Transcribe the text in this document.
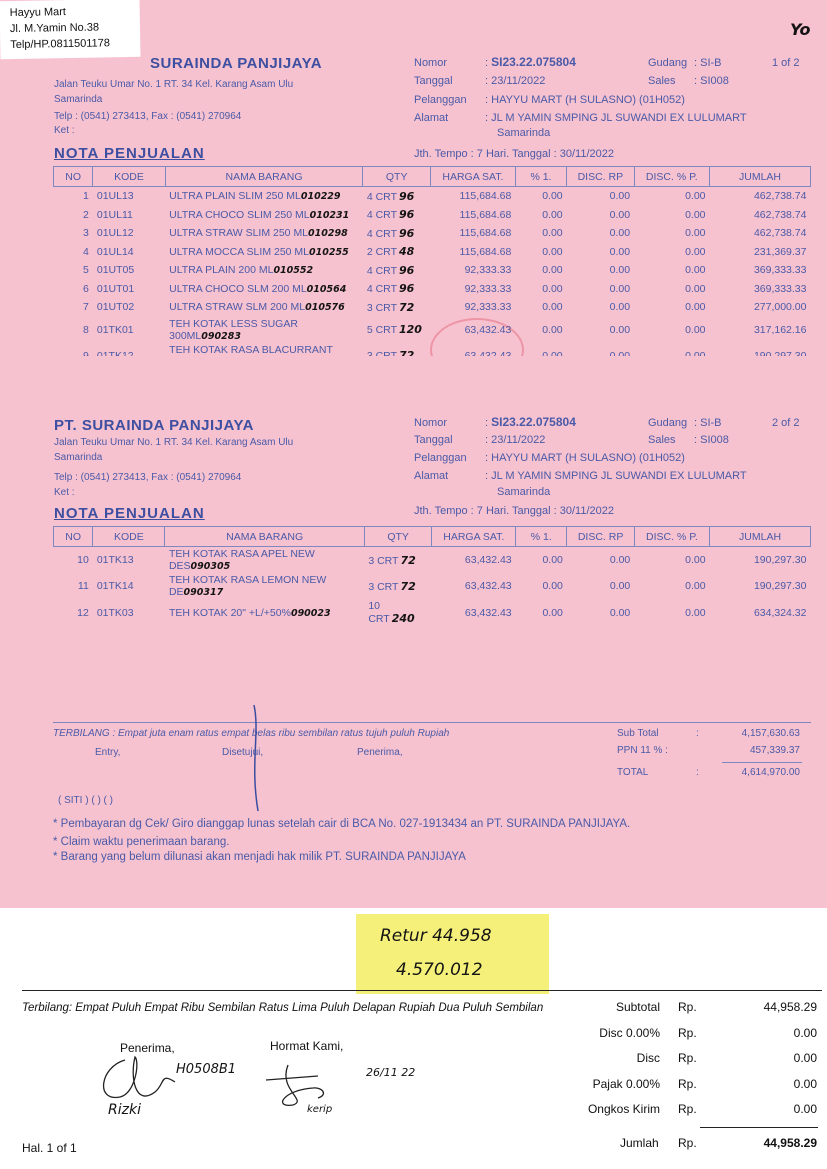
Hayyu Mart
Jl. M.Yamin No.38
Telp/HP.0811501178
Yo
SURAINDA PANJIJAYA
Jalan Teuku Umar No. 1 RT. 34 Kel. Karang Asam Ulu
Samarinda
Telp : (0541) 273413, Fax : (0541) 270964
Ket :
NOTA PENJUALAN
Nomor	: SI23.22.075804
Tanggal	: 23/11/2022
Pelanggan : HAYYU MART (H SULASNO) (01H052)
Alamat	: JL M YAMIN SMPING JL SUWANDI EX LULUMART
Samarinda
Jth. Tempo : 7 Hari. Tanggal : 30/11/2022
Gudang : SI-B	1 of 2
Sales : SI008
NO	KODE	NAMA BARANG	QTY	HARGA SAT.	% 1.	DISC. RP	DISC. % P.	JUMLAH
1	01UL13	ULTRA PLAIN SLIM 250 ML010229	4 CRT 96	115,684.68	0.00	0.00	0.00	462,738.74
2	01UL11	ULTRA CHOCO SLIM 250 ML010231	4 CRT 96	115,684.68	0.00	0.00	0.00	462,738.74
3	01UL12	ULTRA STRAW SLIM 250 ML010298	4 CRT 96	115,684.68	0.00	0.00	0.00	462,738.74
4	01UL14	ULTRA MOCCA SLIM 250 ML010255	2 CRT 48	115,684.68	0.00	0.00	0.00	231,369.37
5	01UT05	ULTRA PLAIN 200 ML010552	4 CRT 96	92,333.33	0.00	0.00	0.00	369,333.33
6	01UT01	ULTRA CHOCO SLM 200 ML010564	4 CRT 96	92,333.33	0.00	0.00	0.00	369,333.33
7	01UT02	ULTRA STRAW SLM 200 ML010576	3 CRT 72	92,333.33	0.00	0.00	0.00	277,000.00
8	01TK01	TEH KOTAK LESS SUGAR 300ML090283	5 CRT 120	63,432.43	0.00	0.00	0.00	317,162.16
		TEH KOTAK RASA BLACURRANT						
PT. SURAINDA PANJIJAYA
Jalan Teuku Umar No. 1 RT. 34 Kel. Karang Asam Ulu
Samarinda
Telp : (0541) 273413, Fax : (0541) 270964
Ket :
NOTA PENJUALAN
Nomor	: SI23.22.075804
Tanggal	: 23/11/2022
Pelanggan : HAYYU MART (H SULASNO) (01H052)
Alamat	: JL M YAMIN SMPING JL SUWANDI EX LULUMART
Samarinda
Jth. Tempo : 7 Hari. Tanggal : 30/11/2022
Gudang : SI-B	2 of 2
Sales : SI008
NO	KODE	NAMA BARANG	QTY	HARGA SAT.	% 1.	DISC. RP	DISC. % P.	JUMLAH
10	01TK13	TEH KOTAK RASA APEL NEW DES090305	3 CRT 72	63,432.43	0.00	0.00	0.00	190,297.30
11	01TK14	TEH KOTAK RASA LEMON NEW DE090317	3 CRT 72	63,432.43	0.00	0.00	0.00	190,297.30
12	01TK03	TEH KOTAK 20" +L/+50%090023	10 CRT 240	63,432.43	0.00	0.00	0.00	634,324.32
TERBILANG : Empat juta enam ratus empat belas ribu sembilan ratus tujuh puluh Rupiah
Entry,	Disetujui,	Penerima,
( SITI ) ( ) ( )
Sub Total	:	4,157,630.63
PPN 11 % :	457,339.37
TOTAL	:	4,614,970.00
* Pembayaran dg Cek/ Giro dianggap lunas setelah cair di BCA No. 027-1913434 an PT. SURAINDA PANJIJAYA.
* Claim waktu penerimaan barang.
* Barang yang belum dilunasi akan menjadi hak milik PT. SURAINDA PANJIJAYA
Retur 44.958
4.570.012
Terbilang: Empat Puluh Empat Ribu Sembilan Ratus Lima Puluh Delapan Rupiah Dua Puluh Sembilan	Subtotal Rp.	44,958.29
Disc 0.00% Rp.	0.00
Disc Rp.	0.00
Pajak 0.00% Rp.	0.00
Ongkos Kirim Rp.	0.00
Jumlah Rp.	44,958.29
Penerima,	Hormat Kami,
Hal. 1 of 1
H0508B1	26/11 22
Rizki	kerip
